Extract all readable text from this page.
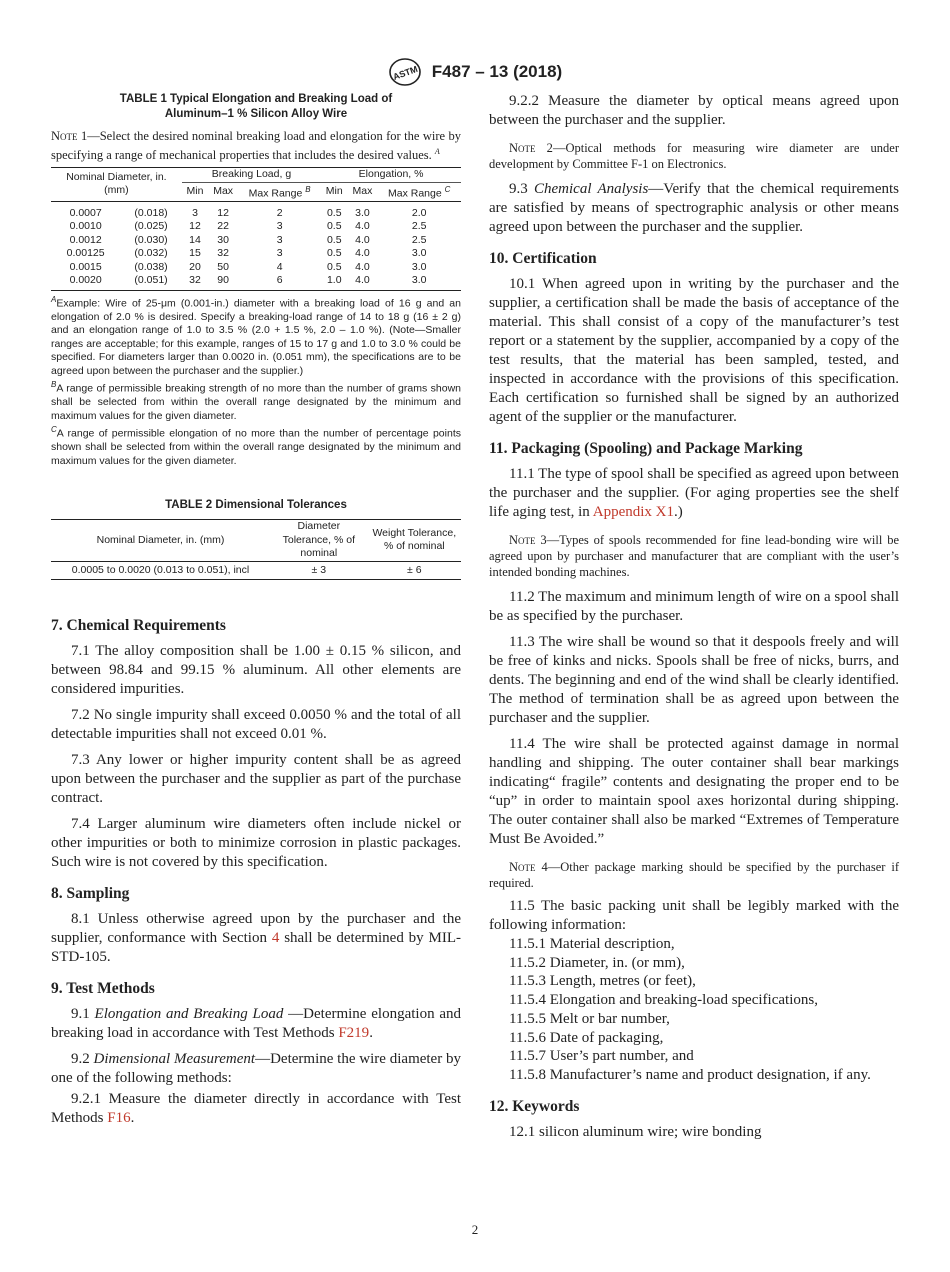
ASTM F487 – 13 (2018)
TABLE 1 Typical Elongation and Breaking Load of
Aluminum–1 % Silicon Alloy Wire

Note 1—Select the desired nominal breaking load and elongation for the wire by specifying a range of mechanical properties that includes the desired values. $^A$

Nominal Diameter, in. (mm)		Breaking Load, g			Elongation, %		
		Min	Max	Max Range $^B$	Min	Max	Max Range $^C$
0.0007	(0.018)	3	12	2	0.5	3.0	2.0
0.0010	(0.025)	12	22	3	0.5	4.0	2.5
0.0012	(0.030)	14	30	3	0.5	4.0	2.5
0.00125	(0.032)	15	32	3	0.5	4.0	3.0
0.0015	(0.038)	20	50	4	0.5	4.0	3.0
0.0020	(0.051)	32	90	6	1.0	4.0	3.0

$^A$Example: Wire of 25-μm (0.001-in.) diameter with a breaking load of 16 g and an elongation of 2.0 % is desired. Specify a breaking-load range of 14 to 18 g (16 ± 2 g) and an elongation range of 1.0 to 3.5 % (2.0 + 1.5 %, 2.0 – 1.0 %). (Note—Smaller ranges are acceptable; for this example, ranges of 15 to 17 g and 1.0 to 3.0 % could be specified. For diameters larger than 0.0020 in. (0.051 mm), the specifications are to be agreed upon between the purchaser and the supplier.)

$^B$A range of permissible breaking strength of no more than the number of grams shown shall be selected from within the overall range designated by the minimum and maximum values for the given diameter.

$^C$A range of permissible elongation of no more than the number of percentage points shown shall be selected from within the overall range designated by the minimum and maximum values for the given diameter.

TABLE 2 Dimensional Tolerances
Nominal Diameter, in. (mm)	Diameter Tolerance, % of nominal	Weight Tolerance, % of nominal
0.0005 to 0.0020 (0.013 to 0.051), incl	± 3	± 6
7. Chemical Requirements

7.1 The alloy composition shall be 1.00 ± 0.15 % silicon, and between 98.84 and 99.15 % aluminum. All other elements are considered impurities.

7.2 No single impurity shall exceed 0.0050 % and the total of all detectable impurities shall not exceed 0.01 %.

7.3 Any lower or higher impurity content shall be as agreed upon between the purchaser and the supplier as part of the purchase contract.

7.4 Larger aluminum wire diameters often include nickel or other impurities or both to minimize corrosion in plastic packages. Such wire is not covered by this specification.

8. Sampling

8.1 Unless otherwise agreed upon by the purchaser and the supplier, conformance with Section 4 shall be determined by MIL-STD-105.

9. Test Methods

9.1 Elongation and Breaking Load —Determine elongation and breaking load in accordance with Test Methods F219.

9.2 Dimensional Measurement—Determine the wire diameter by one of the following methods:

9.2.1 Measure the diameter directly in accordance with Test Methods F16.

9.2.2 Measure the diameter by optical means agreed upon between the purchaser and the supplier.

Note 2—Optical methods for measuring wire diameter are under development by Committee F-1 on Electronics.

9.3 Chemical Analysis—Verify that the chemical requirements are satisfied by means of spectrographic analysis or other means agreed upon between the purchaser and the supplier.

10. Certification

10.1 When agreed upon in writing by the purchaser and the supplier, a certification shall be made the basis of acceptance of the material. This shall consist of a copy of the manufacturer’s test report or a statement by the supplier, accompanied by a copy of the test results, that the material has been sampled, tested, and inspected in accordance with the provisions of this specification. Each certification so furnished shall be signed by an authorized agent of the supplier or the manufacturer.

11. Packaging (Spooling) and Package Marking

11.1 The type of spool shall be specified as agreed upon between the purchaser and the supplier. (For aging properties see the shelf life aging test, in Appendix X1.)

Note 3—Types of spools recommended for fine lead-bonding wire will be agreed upon by purchaser and manufacturer that are compliant with the user’s intended bonding machines.

11.2 The maximum and minimum length of wire on a spool shall be as specified by the purchaser.

11.3 The wire shall be wound so that it despools freely and will be free of kinks and nicks. Spools shall be free of nicks, burrs, and dents. The beginning and end of the wind shall be clearly identified. The method of termination shall be as agreed upon between the purchaser and the supplier.

11.4 The wire shall be protected against damage in normal handling and shipping. The outer container shall bear markings indicating“ fragile” contents and designating the proper end to be “up” in order to maintain spool axes horizontal during shipping. The outer container shall also be marked “Extremes of Temperature Must Be Avoided.”

Note 4—Other package marking should be specified by the purchaser if required.

11.5 The basic packing unit shall be legibly marked with the following information:

11.5.1 Material description,

11.5.2 Diameter, in. (or mm),

11.5.3 Length, metres (or feet),

11.5.4 Elongation and breaking-load specifications,

11.5.5 Melt or bar number,

11.5.6 Date of packaging,

11.5.7 User’s part number, and

11.5.8 Manufacturer’s name and product designation, if any.

12. Keywords

12.1 silicon aluminum wire; wire bonding

2
